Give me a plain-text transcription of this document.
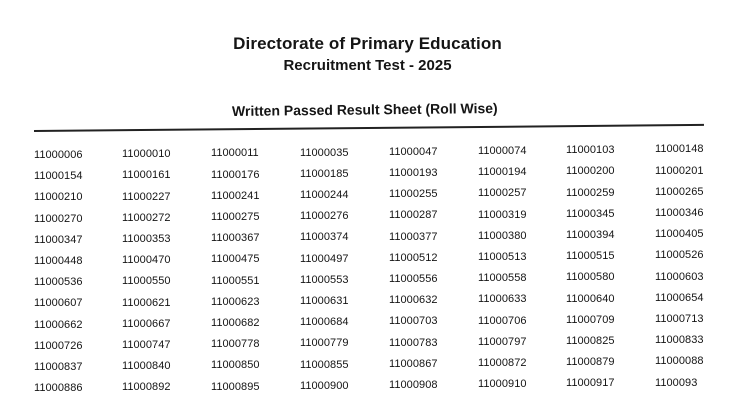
Directorate of Primary Education
Recruitment Test - 2025
Written Passed Result Sheet (Roll Wise)
11000006	11000010	11000011	11000035	11000047	11000074	11000103	11000148
11000154	11000161	11000176	11000185	11000193	11000194	11000200	11000201
11000210	11000227	11000241	11000244	11000255	11000257	11000259	11000265
11000270	11000272	11000275	11000276	11000287	11000319	11000345	11000346
11000347	11000353	11000367	11000374	11000377	11000380	11000394	11000405
11000448	11000470	11000475	11000497	11000512	11000513	11000515	11000526
11000536	11000550	11000551	11000553	11000556	11000558	11000580	11000603
11000607	11000621	11000623	11000631	11000632	11000633	11000640	11000654
11000662	11000667	11000682	11000684	11000703	11000706	11000709	11000713
11000726	11000747	11000778	11000779	11000783	11000797	11000825	11000833
11000837	11000840	11000850	11000855	11000867	11000872	11000879	11000088
11000886	11000892	11000895	11000900	11000908	11000910	11000917	1100093
